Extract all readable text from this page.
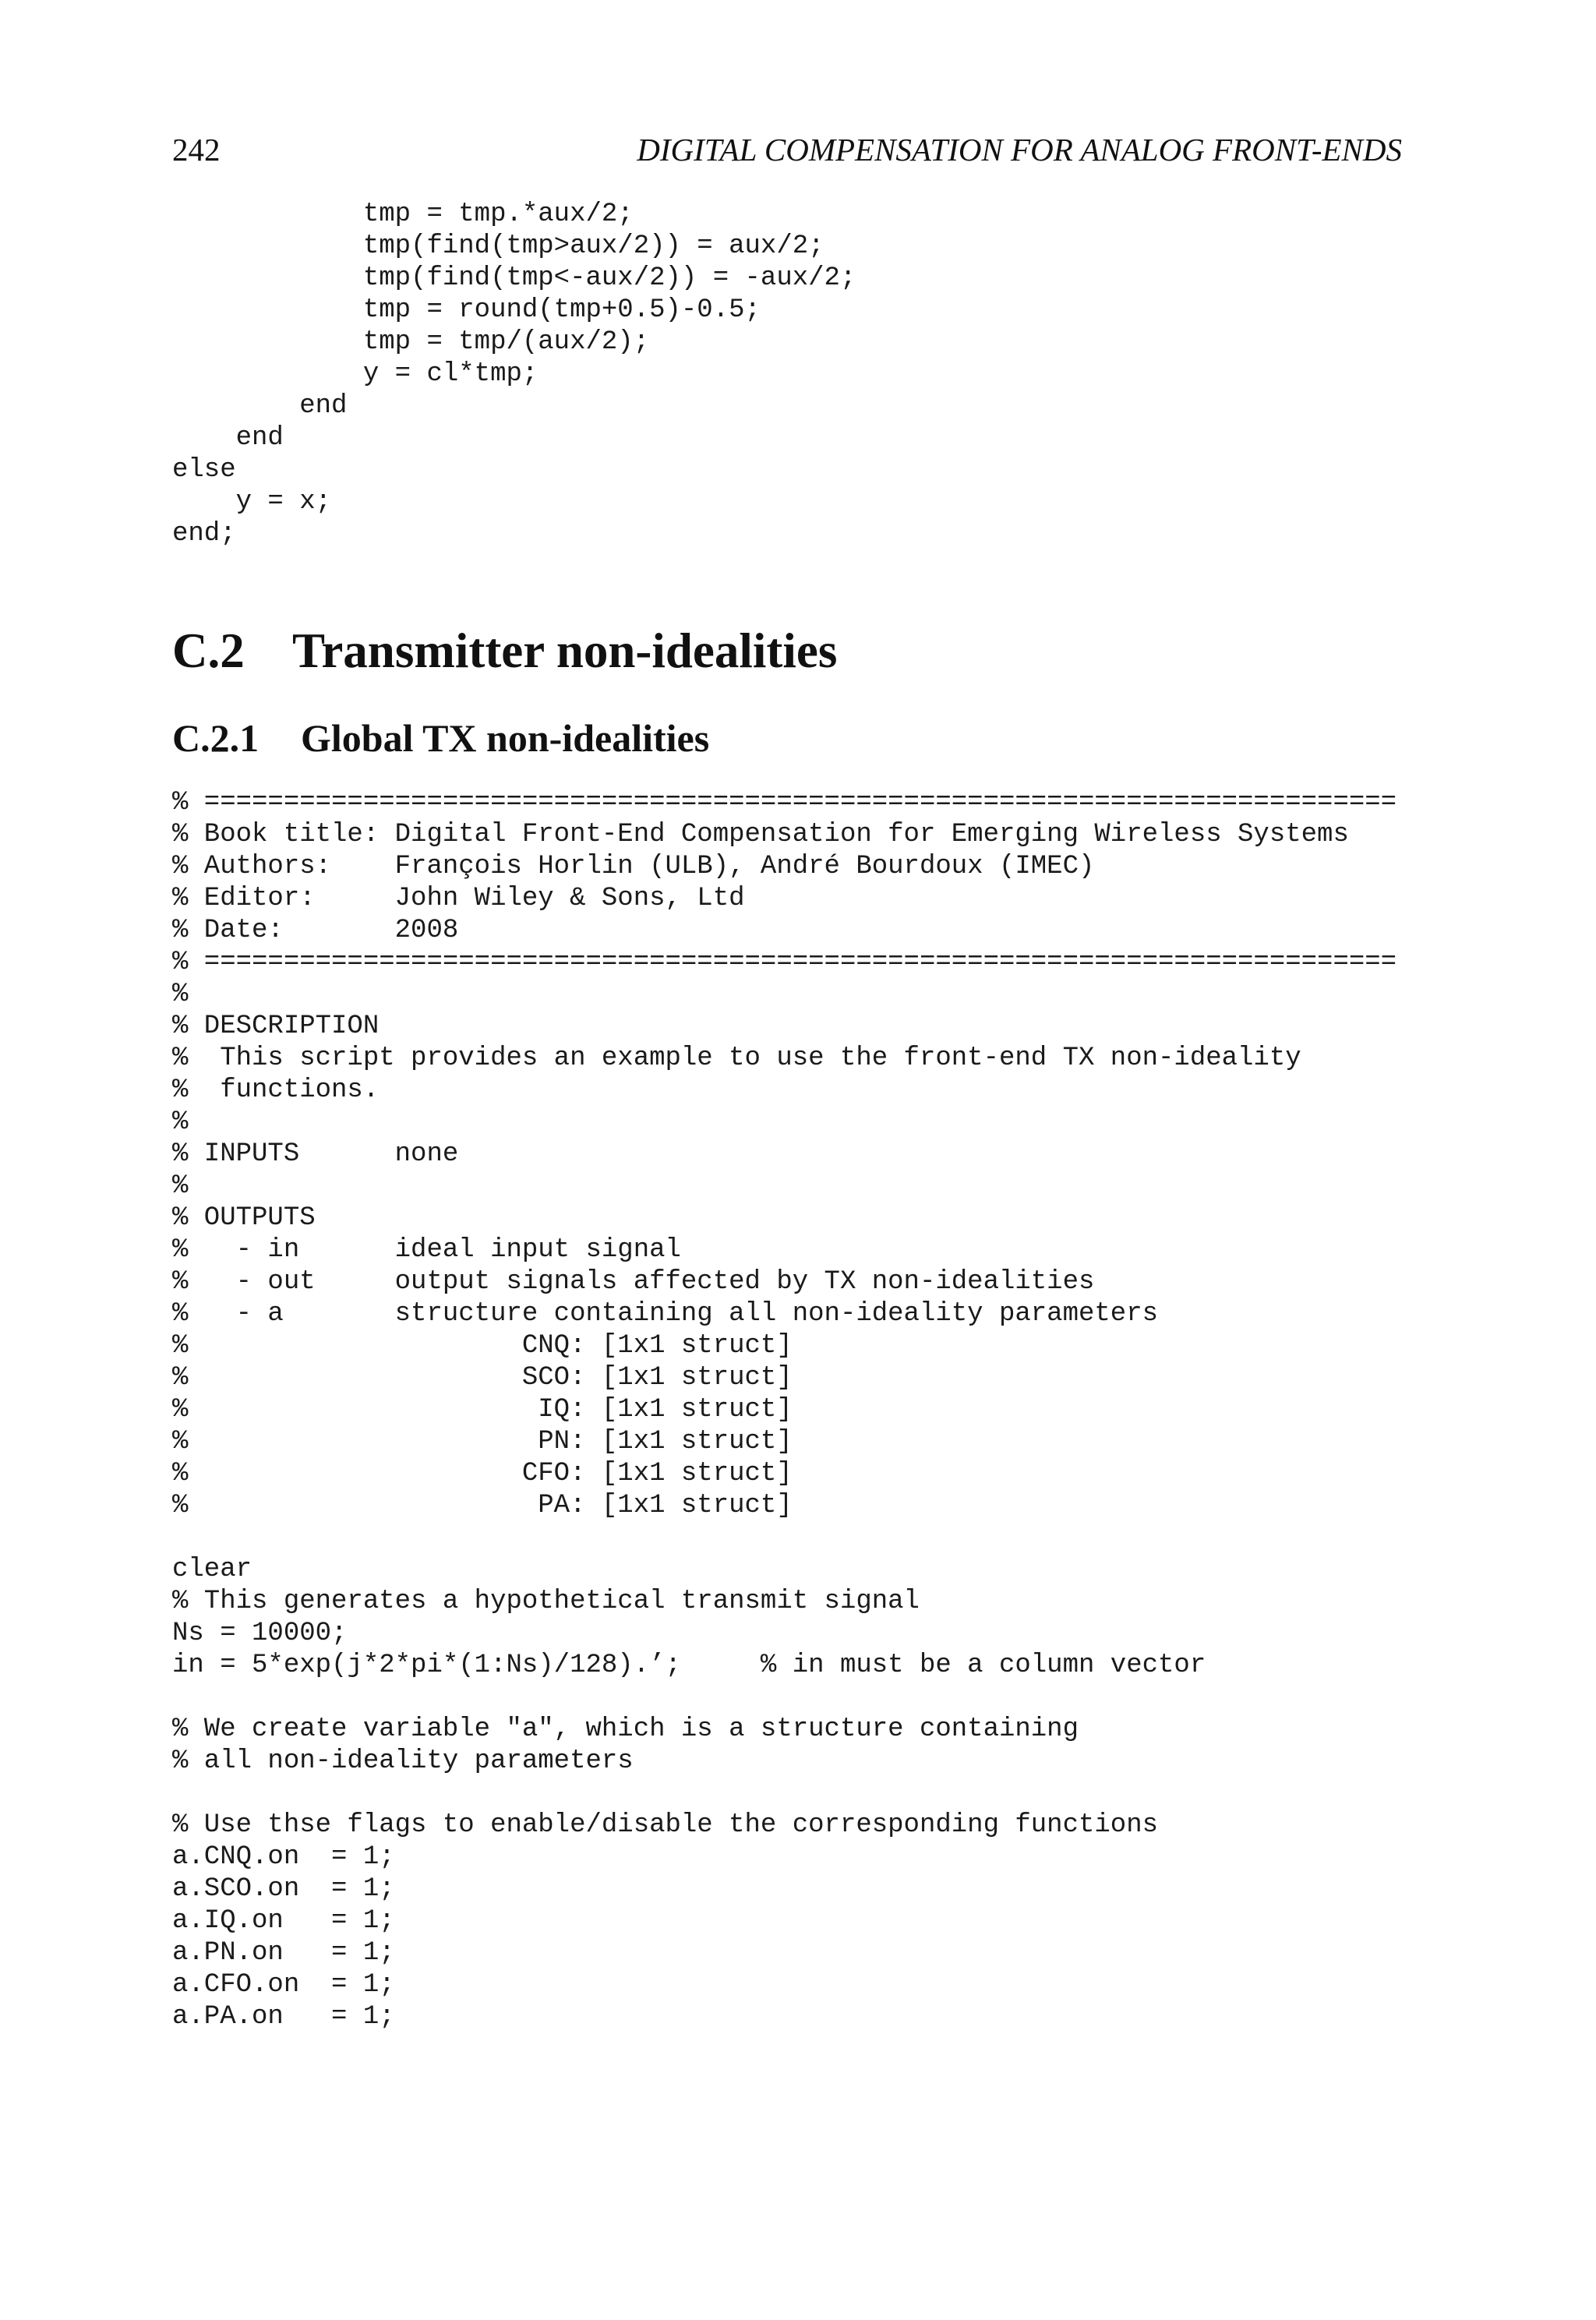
242	DIGITAL COMPENSATION FOR ANALOG FRONT-ENDS
tmp = tmp.*aux/2;
tmp(find(tmp>aux/2)) = aux/2;
tmp(find(tmp<-aux/2)) = -aux/2;
tmp = round(tmp+0.5)-0.5;
tmp = tmp/(aux/2);
y = cl*tmp;
end
end
else
y = x;
end;
C.2 Transmitter non-idealities
C.2.1 Global TX non-idealities
% ===========================================================================
% Book title: Digital Front-End Compensation for Emerging Wireless Systems
% Authors:    François Horlin (ULB), André Bourdoux (IMEC)
% Editor:     John Wiley & Sons, Ltd
% Date:       2008
% ===========================================================================
%
% DESCRIPTION
%  This script provides an example to use the front-end TX non-ideality
%  functions.
%
% INPUTS      none
%
% OUTPUTS
%   - in      ideal input signal
%   - out     output signals affected by TX non-idealities
%   - a       structure containing all non-ideality parameters
%                     CNQ: [1x1 struct]
%                     SCO: [1x1 struct]
%                      IQ: [1x1 struct]
%                      PN: [1x1 struct]
%                     CFO: [1x1 struct]
%                      PA: [1x1 struct]
clear
% This generates a hypothetical transmit signal
Ns = 10000;
in = 5*exp(j*2*pi*(1:Ns)/128).’;     % in must be a column vector
% We create variable "a", which is a structure containing
% all non-ideality parameters
% Use thse flags to enable/disable the corresponding functions
a.CNQ.on  = 1;
a.SCO.on  = 1;
a.IQ.on   = 1;
a.PN.on   = 1;
a.CFO.on  = 1;
a.PA.on   = 1;
